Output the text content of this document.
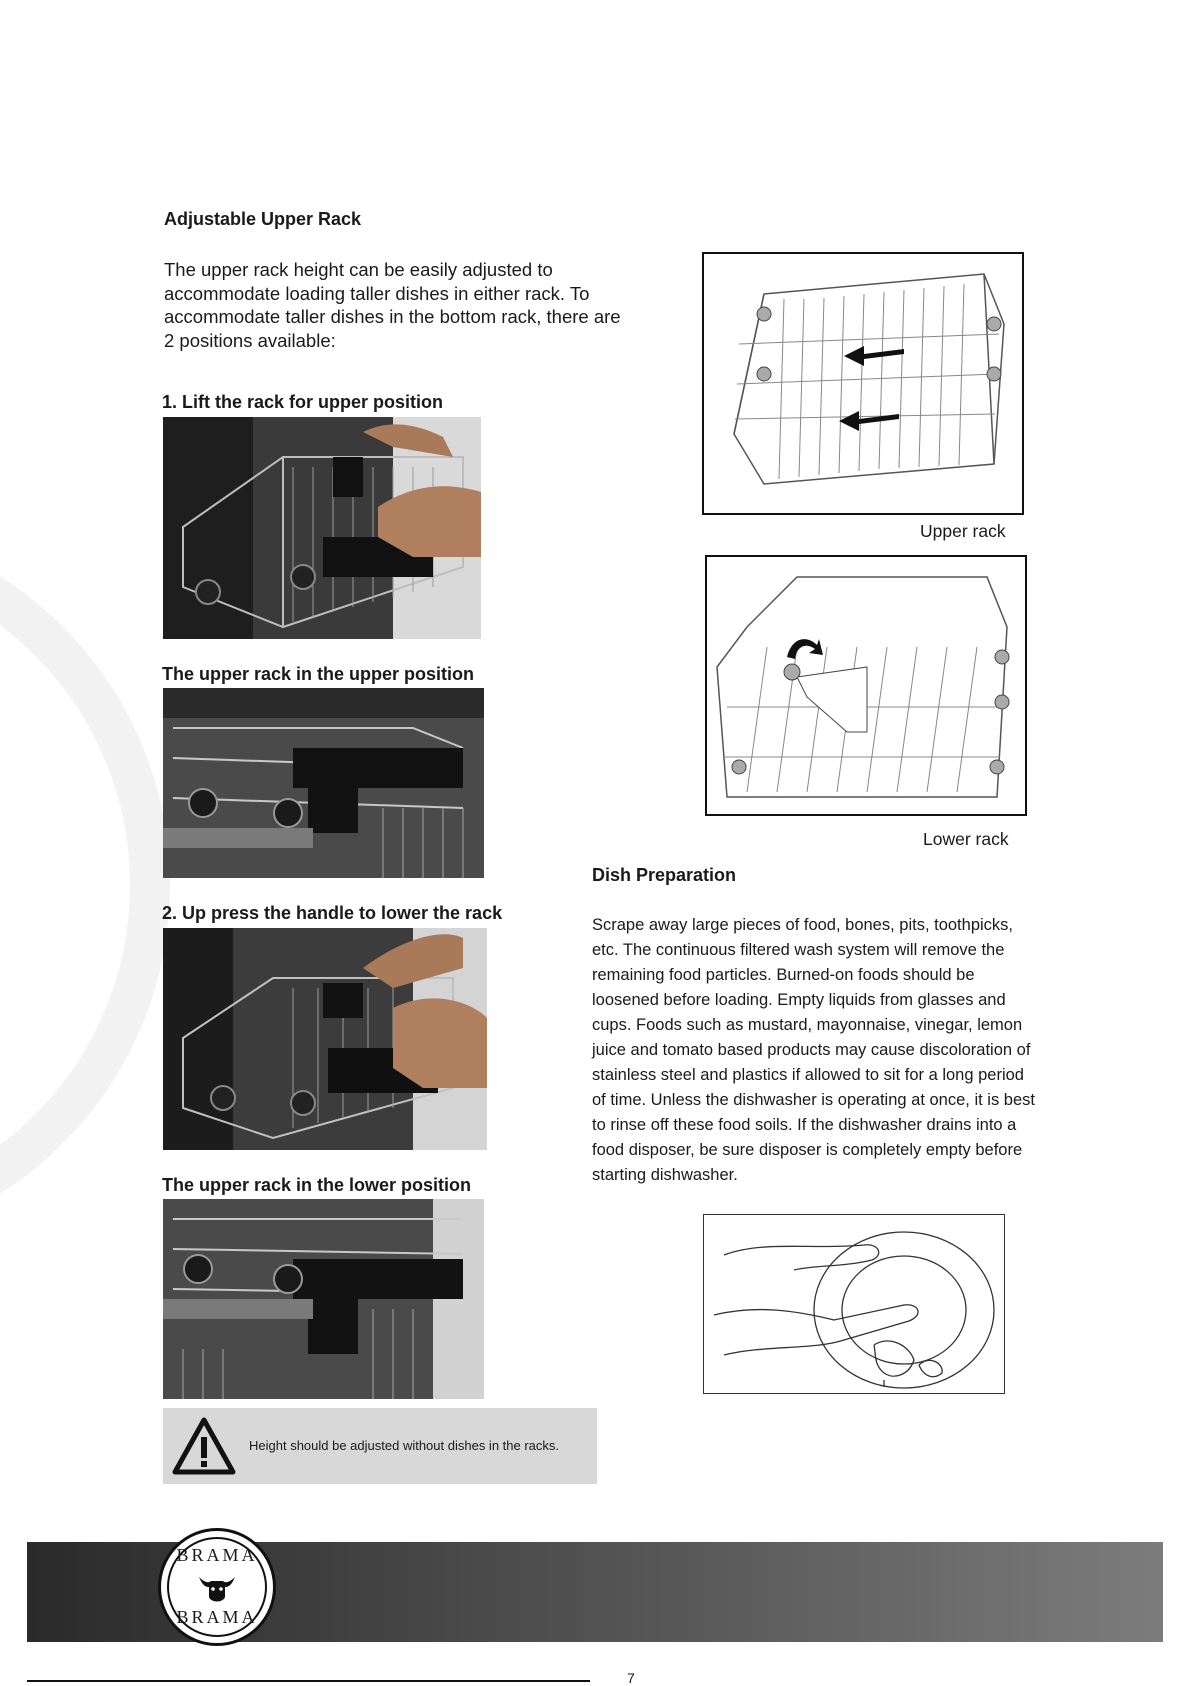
Adjustable Upper Rack
The upper rack height can be easily adjusted to
accommodate loading taller dishes in either rack. To
accommodate taller dishes in the bottom rack, there are
2 positions available:
1. Lift the rack for upper position
The upper rack in the upper position
2. Up press the handle to lower the rack
The upper rack in the lower position
Height should be adjusted without dishes in the racks.
Upper rack
Lower rack
Dish Preparation
Scrape away large pieces of food, bones, pits, toothpicks,
etc. The continuous filtered wash system will remove the
remaining food particles. Burned-on foods should be
loosened before loading. Empty liquids from glasses and
cups. Foods such as mustard, mayonnaise, vinegar, lemon
juice and tomato based products may cause discoloration of
stainless steel and plastics if allowed to sit for a long period
of time. Unless the dishwasher is operating at once, it is best
to rinse off these food soils. If the dishwasher drains into a
food disposer, be sure disposer is completely empty before
starting dishwasher.
BRAMA
BRAMA
7
